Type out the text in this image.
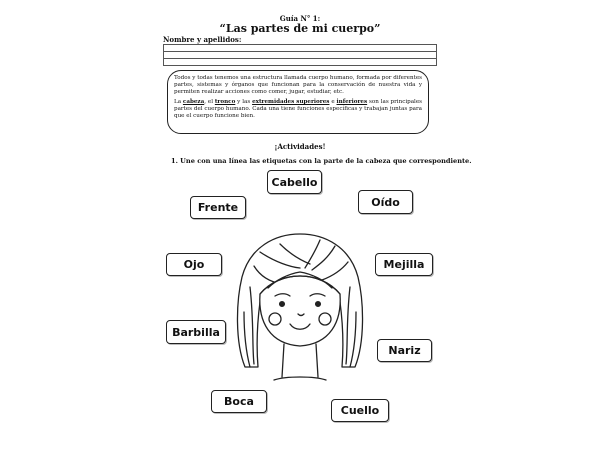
Guía N° 1:
“Las partes de mi cuerpo”
Nombre y apellidos:

Todos y todas tenemos una estructura llamada cuerpo humano, formada por diferentes partes, sistemas y órganos que funcionan para la conservación de nuestra vida y permiten realizar acciones como comer, jugar, estudiar, etc.

La cabeza, el tronco y las extremidades superiores e inferiores son las principales partes del cuerpo humano. Cada una tiene funciones específicas y trabajan juntas para que el cuerpo funcione bien.

¡Actividades!
1. Une con una línea las etiquetas con la parte de la cabeza que correspondiente.
Cabello
Frente	Oído
Ojo	Mejilla
Barbilla
Nariz
Boca
Cuello
